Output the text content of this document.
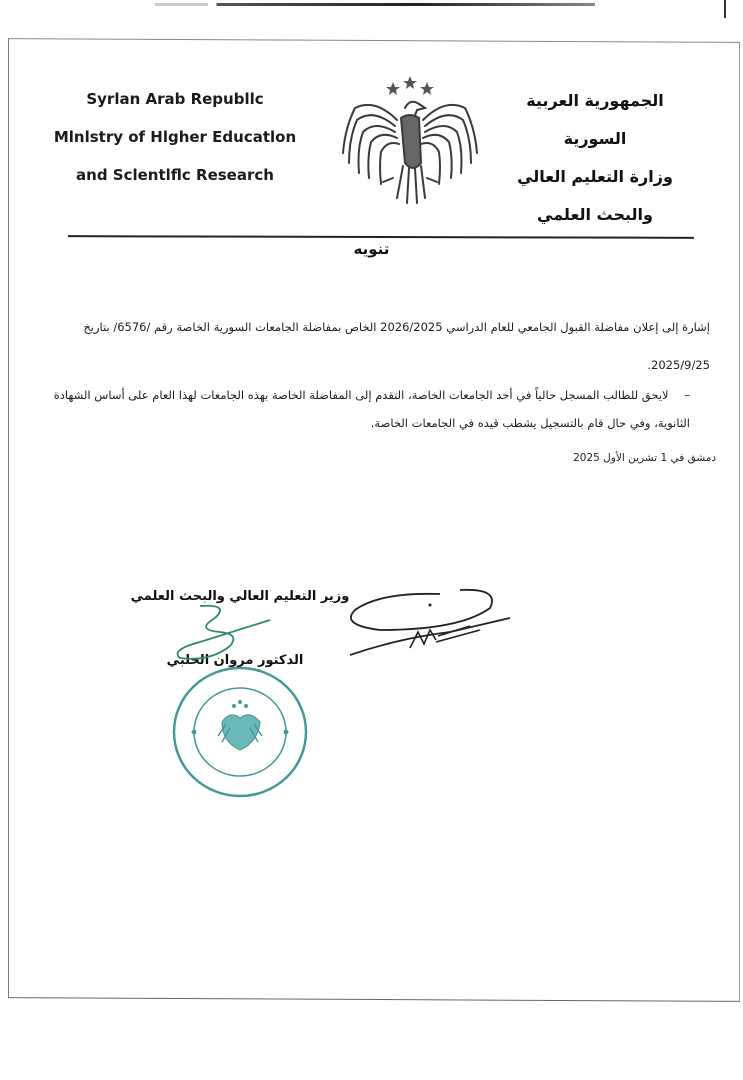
Syrlan Arab Republlc
Mlnlstry of Hlgher Educatlon
and Sclentlflc Research
الجمهورية العربية السورية
وزارة التعليم العالي
والبحث العلمي
تنويه
إشارة إلى إعلان مفاضلة القبول الجامعي للعام الدراسي 2026/2025 الخاص بمفاضلة الجامعات السورية الخاصة رقم /6576/ بتاريخ 2025/9/25.
– لايحق للطالب المسجل حالياً في أحد الجامعات الخاصة، التقدم إلى المفاضلة الخاصة بهذه الجامعات لهذا العام على أساس الشهادة الثانوية، وفي حال قام بالتسجيل يشطب قيده في الجامعات الخاصة.
دمشق في 1 تشرين الأول 2025
وزير التعليم العالي والبحث العلمي
الدكتور مروان الحلبي
